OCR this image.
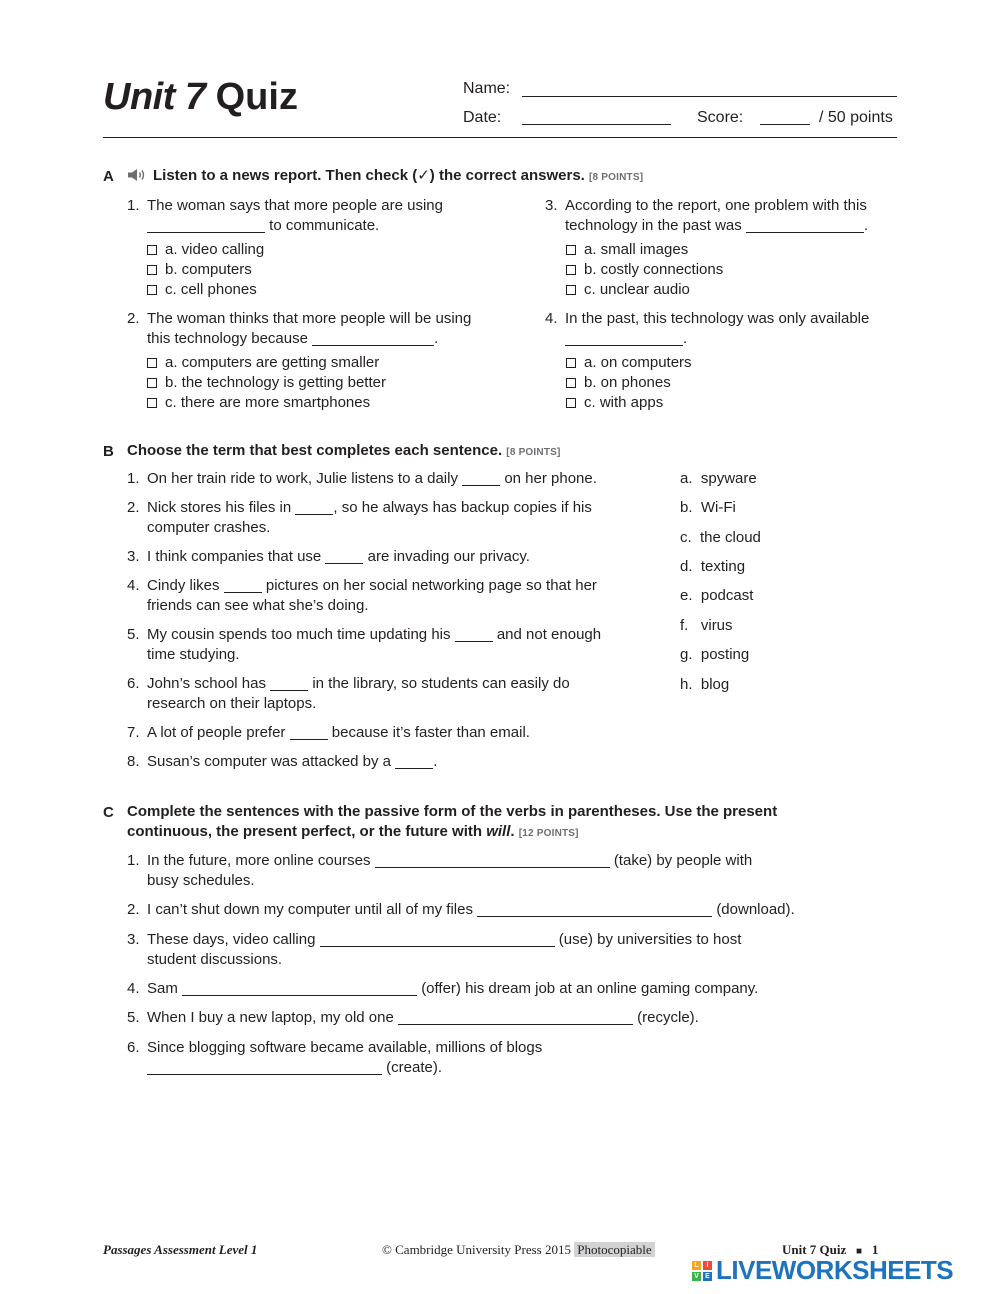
Unit 7 Quiz	Name:
Date:	Score:	/ 50 points
A	Listen to a news report. Then check (✓) the correct answers. [8 POINTS]
1. The woman says that more people are using
to communicate.
a. video calling
b. computers
c. cell phones
2. The woman thinks that more people will be using
this technology because	.
a. computers are getting smaller
b. the technology is getting better
c. there are more smartphones
3. According to the report, one problem with this
technology in the past was	.
a. small images
b. costly connections
c. unclear audio
4. In the past, this technology was only available
.
a. on computers
b. on phones
c. with apps
B Choose the term that best completes each sentence. [8 POINTS]
1. On her train ride to work, Julie listens to a daily	on her phone.
2. Nick stores his files in	, so he always has backup copies if his
computer crashes.
3. I think companies that use	are invading our privacy.
4. Cindy likes	pictures on her social networking page so that her
friends can see what she’s doing.
5. My cousin spends too much time updating his	and not enough
time studying.
6. John’s school has	in the library, so students can easily do
research on their laptops.
7. A lot of people prefer	because it’s faster than email.
8. Susan’s computer was attacked by a	.
a. spyware
b. Wi-Fi
c. the cloud
d. texting
e. podcast
f. virus
g. posting
h. blog
C Complete the sentences with the passive form of the verbs in parentheses. Use the present
continuous, the present perfect, or the future with will. [12 POINTS]
1. In the future, more online courses	(take) by people with
busy schedules.
2. I can’t shut down my computer until all of my files	(download).
3. These days, video calling	(use) by universities to host
student discussions.
4. Sam	(offer) his dream job at an online gaming company.
5. When I buy a new laptop, my old one	(recycle).
6. Since blogging software became available, millions of blogs
(create).
Passages Assessment Level 1	© Cambridge University Press 2015 Photocopiable	Unit 7 Quiz ■ 1
L	I
V E LIVEWORKSHEETS
